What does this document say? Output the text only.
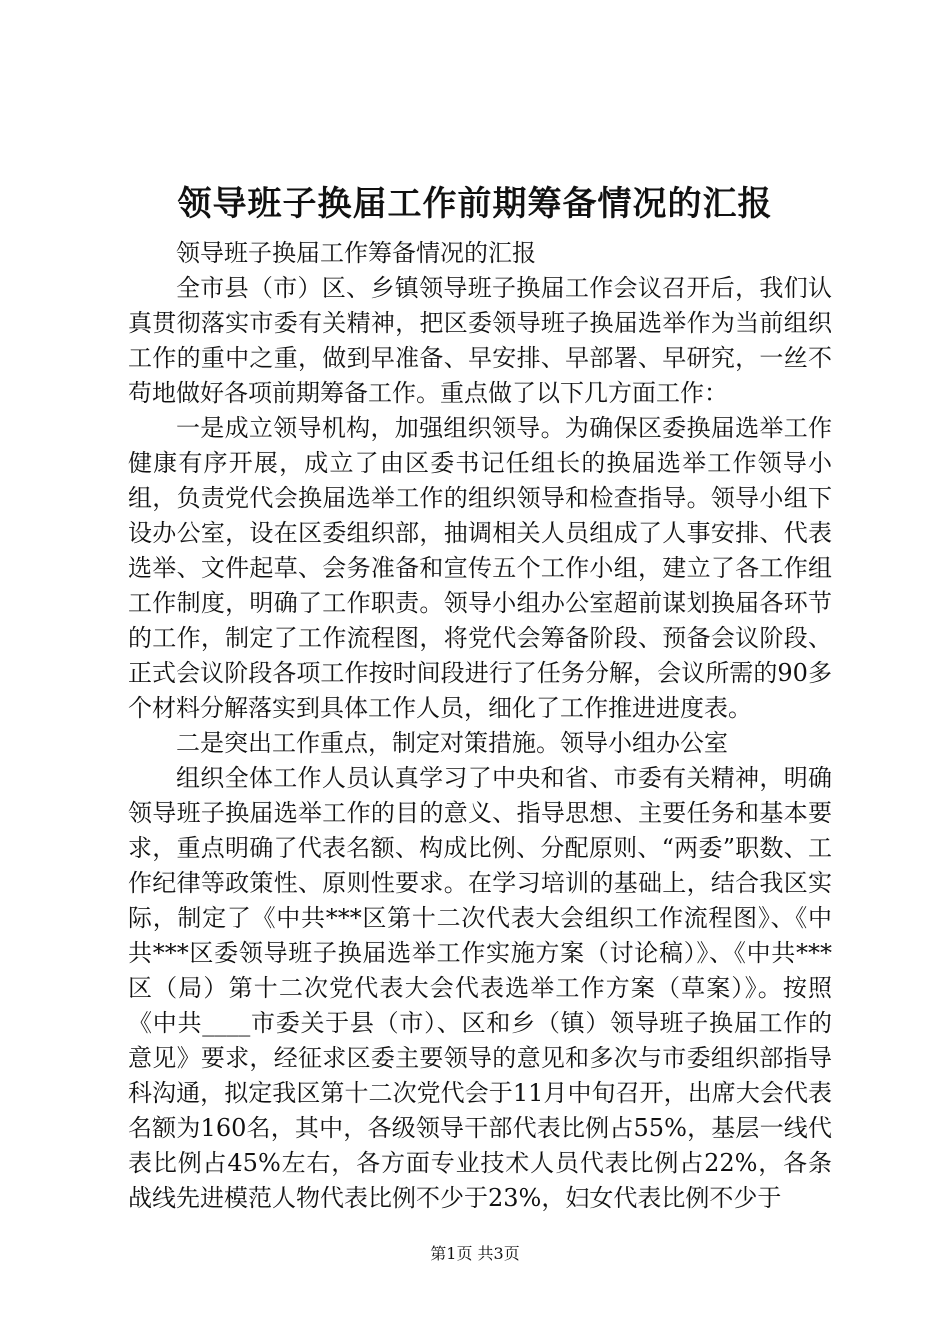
领导班子换届工作前期筹备情况的汇报

领导班子换届工作筹备情况的汇报

全市县（市）区、乡镇领导班子换届工作会议召开后，我们认真贯彻落实市委有关精神，把区委领导班子换届选举作为当前组织工作的重中之重，做到早准备、早安排、早部署、早研究，一丝不苟地做好各项前期筹备工作。重点做了以下几方面工作：

一是成立领导机构，加强组织领导。为确保区委换届选举工作健康有序开展，成立了由区委书记任组长的换届选举工作领导小组，负责党代会换届选举工作的组织领导和检查指导。领导小组下设办公室，设在区委组织部，抽调相关人员组成了人事安排、代表选举、文件起草、会务准备和宣传五个工作小组，建立了各工作组工作制度，明确了工作职责。领导小组办公室超前谋划换届各环节的工作，制定了工作流程图，将党代会筹备阶段、预备会议阶段、正式会议阶段各项工作按时间段进行了任务分解，会议所需的90多个材料分解落实到具体工作人员，细化了工作推进进度表。

二是突出工作重点，制定对策措施。领导小组办公室

组织全体工作人员认真学习了中央和省、市委有关精神，明确领导班子换届选举工作的目的意义、指导思想、主要任务和基本要求，重点明确了代表名额、构成比例、分配原则、“两委”职数、工作纪律等政策性、原则性要求。在学习培训的基础上，结合我区实际，制定了《中共***区第十二次代表大会组织工作流程图》、《中共***区委领导班子换届选举工作实施方案（讨论稿）》、《中共***区（局）第十二次党代表大会代表选举工作方案（草案）》。按照《中共____市委关于县（市）、区和乡（镇）领导班子换届工作的意见》要求，经征求区委主要领导的意见和多次与市委组织部指导科沟通，拟定我区第十二次党代会于11月中旬召开，出席大会代表名额为160名，其中，各级领导干部代表比例占55%，基层一线代表比例占45%左右，各方面专业技术人员代表比例占22%，各条战线先进模范人物代表比例不少于23%，妇女代表比例不少于

第1页 共3页
